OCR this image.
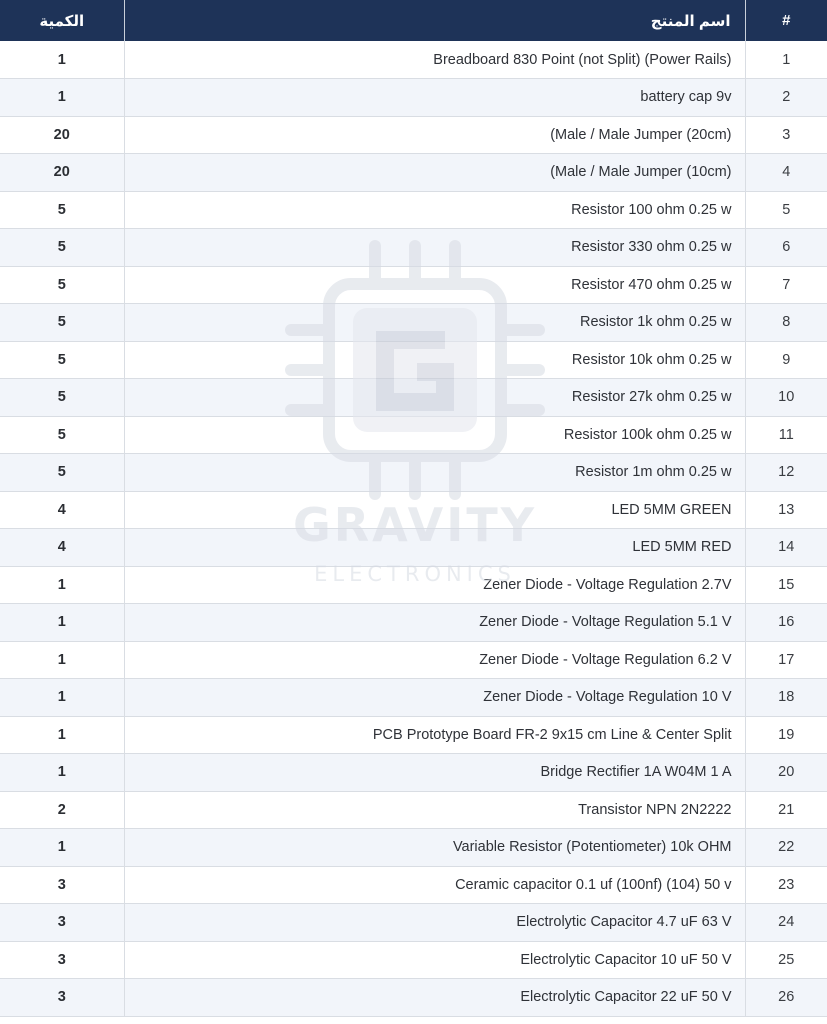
الكمية	اسم المنتج	#
1	Breadboard 830 Point (not Split) (Power Rails)	1
1	battery cap 9v	2
20	(Male / Male Jumper (20cm)	3
20	(Male / Male Jumper (10cm)	4
5	Resistor 100 ohm 0.25 w	5
5	Resistor 330 ohm 0.25 w	6
5	Resistor 470 ohm 0.25 w	7
5	Resistor 1k ohm 0.25 w	8
5	Resistor 10k ohm 0.25 w	9
5	Resistor 27k ohm 0.25 w	10
5	Resistor 100k ohm 0.25 w	11
5	Resistor 1m ohm 0.25 w	12
4	LED 5MM GREEN	13
4	LED 5MM RED	14
1	Zener Diode - Voltage Regulation 2.7V	15
1	Zener Diode - Voltage Regulation 5.1 V	16
1	Zener Diode - Voltage Regulation 6.2 V	17
1	Zener Diode - Voltage Regulation 10 V	18
1	PCB Prototype Board FR-2 9x15 cm Line & Center Split	19
1	Bridge Rectifier 1A W04M 1 A	20
2	Transistor NPN 2N2222	21
1	Variable Resistor (Potentiometer) 10k OHM	22
3	Ceramic capacitor 0.1 uf (100nf) (104) 50 v	23
3	Electrolytic Capacitor 4.7 uF 63 V	24
3	Electrolytic Capacitor 10 uF 50 V	25
3	Electrolytic Capacitor 22 uF 50 V	26
GRAVITY
ELECTRONICS
